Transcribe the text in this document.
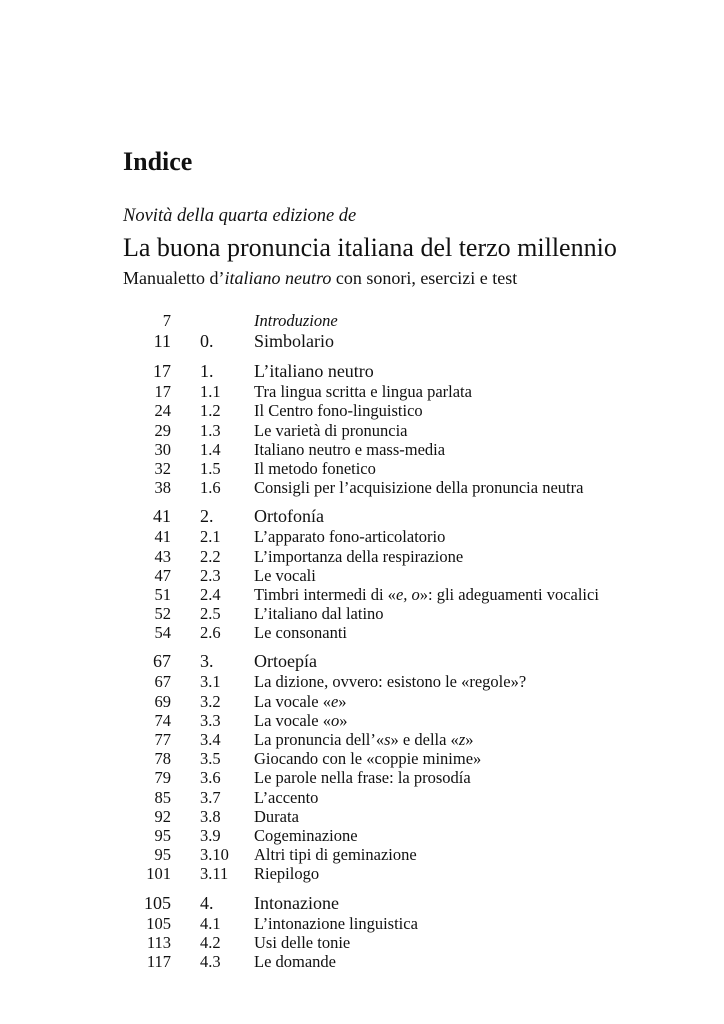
Indice
Novità della quarta edizione de
La buona pronuncia italiana del terzo millennio
Manualetto d’italiano neutro con sonori, esercizi e test
7	Introduzione
11 0. Simbolario
17 1. L’italiano neutro
17 1.1 Tra lingua scritta e lingua parlata
24 1.2 Il Centro fono-linguistico
29 1.3 Le varietà di pronuncia
30 1.4 Italiano neutro e mass-media
32 1.5 Il metodo fonetico
38 1.6 Consigli per l’acquisizione della pronuncia neutra
41 2. Ortofonía
41 2.1 L’apparato fono-articolatorio
43 2.2 L’importanza della respirazione
47 2.3 Le vocali
51 2.4 Timbri intermedi di «e, o»: gli adeguamenti vocalici
52 2.5 L’italiano dal latino
54 2.6 Le consonanti
67 3. Ortoepía
67 3.1 La dizione, ovvero: esistono le «regole»?
69 3.2 La vocale «e»
74 3.3 La vocale «o»
77 3.4 La pronuncia dell’«s» e della «z»
78 3.5 Giocando con le «coppie minime»
79 3.6 Le parole nella frase: la prosodía
85 3.7 L’accento
92 3.8 Durata
95 3.9 Cogeminazione
95 3.10 Altri tipi di geminazione
101 3.11 Riepilogo
105 4. Intonazione
105 4.1 L’intonazione linguistica
113 4.2 Usi delle tonie
117 4.3 Le domande
